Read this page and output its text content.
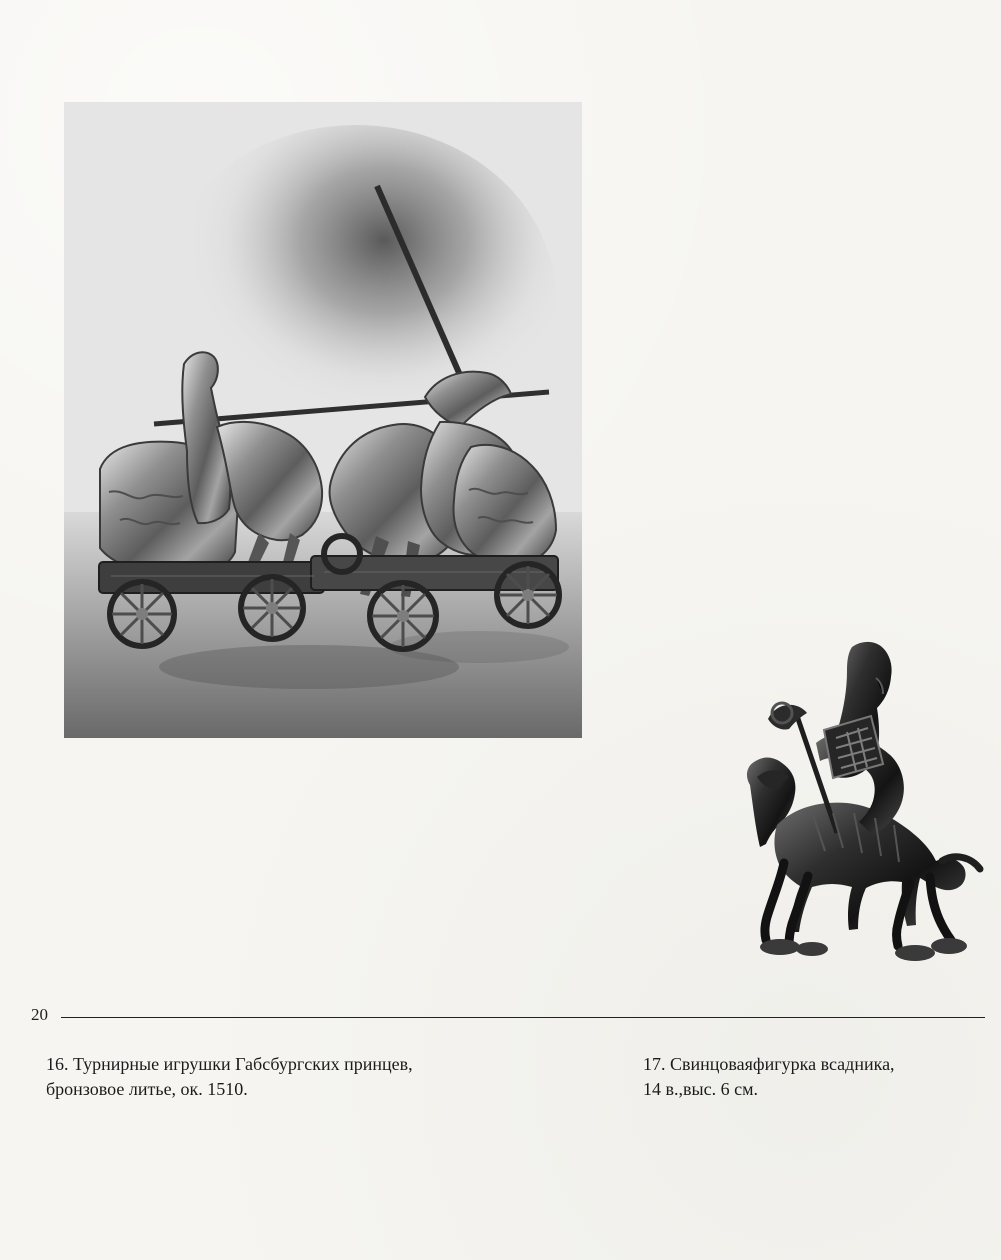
20
16. Турнирные игрушки Габсбургских принцев,
бронзовое литье, ок. 1510.
17. Свинцоваяфигурка всадника,
14 в.,выс. 6 см.
